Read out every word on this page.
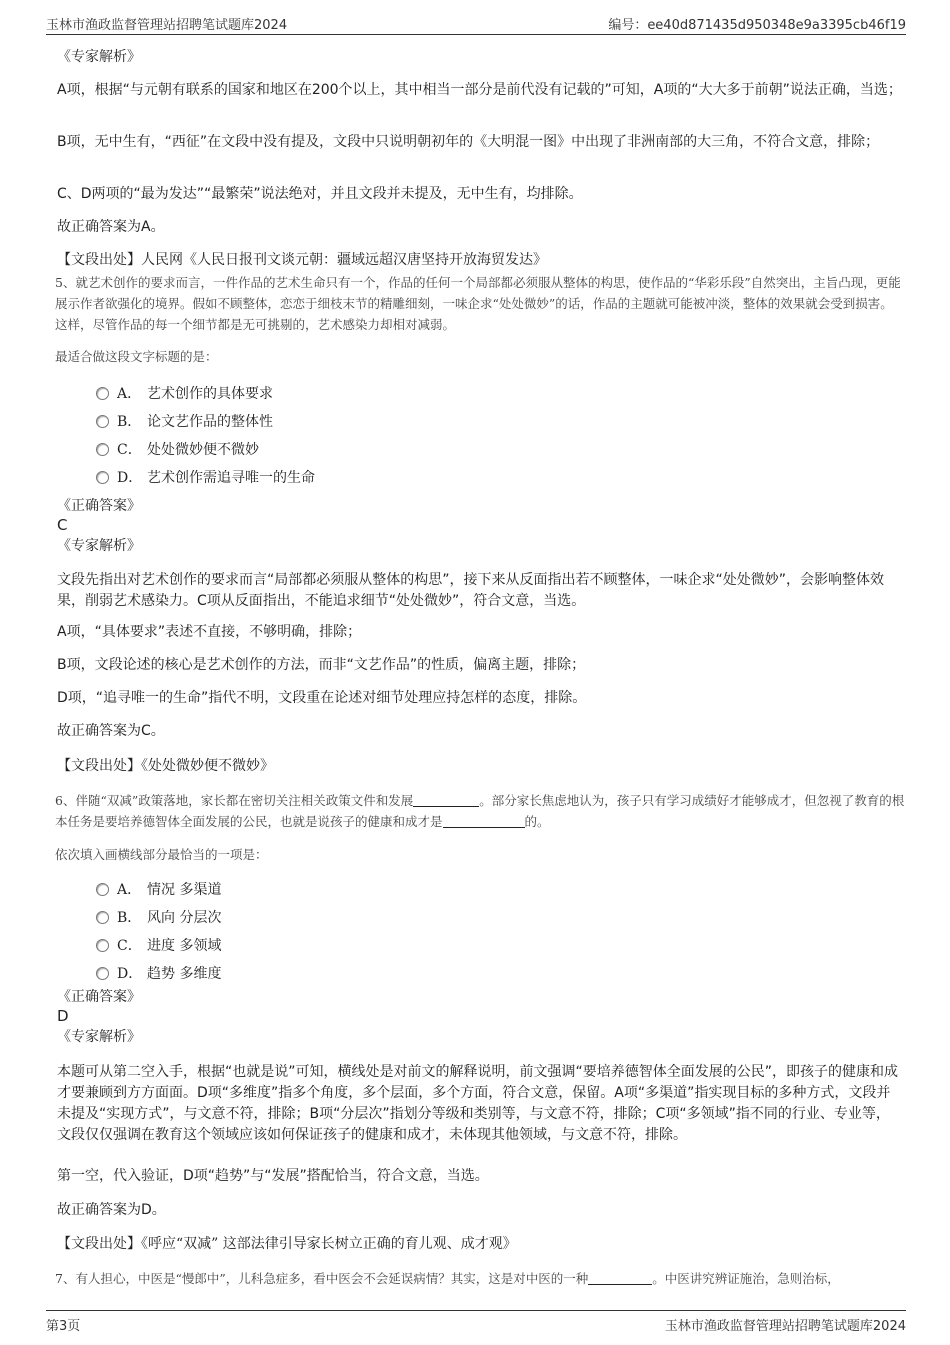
玉林市渔政监督管理站招聘笔试题库2024	编号：ee40d871435d950348e9a3395cb46f19
《专家解析》
A项，根据“与元朝有联系的国家和地区在200个以上，其中相当一部分是前代没有记载的”可知，A项的“大大多于前朝”说法正确，当选；
B项，无中生有，“西征”在文段中没有提及，文段中只说明朝初年的《大明混一图》中出现了非洲南部的大三角，不符合文意，排除；
C、D两项的“最为发达”“最繁荣”说法绝对，并且文段并未提及，无中生有，均排除。
故正确答案为A。
【文段出处】人民网《人民日报刊文谈元朝：疆域远超汉唐坚持开放海贸发达》
5、就艺术创作的要求而言，一件作品的艺术生命只有一个，作品的任何一个局部都必须服从整体的构思，使作品的“华彩乐段”自然突出，主旨凸现，更能展示作者欲强化的境界。假如不顾整体，恋恋于细枝末节的精雕细刻，一味企求“处处微妙”的话，作品的主题就可能被冲淡，整体的效果就会受到损害。这样，尽管作品的每一个细节都是无可挑剔的，艺术感染力却相对减弱。
最适合做这段文字标题的是：
A． 艺术创作的具体要求
B． 论文艺作品的整体性
C． 处处微妙便不微妙
D． 艺术创作需追寻唯一的生命
《正确答案》
C
《专家解析》
文段先指出对艺术创作的要求而言“局部都必须服从整体的构思”，接下来从反面指出若不顾整体，一味企求“处处微妙”，会影响整体效果，削弱艺术感染力。C项从反面指出，不能追求细节“处处微妙”，符合文意，当选。
A项，“具体要求”表述不直接，不够明确，排除；
B项，文段论述的核心是艺术创作的方法，而非“文艺作品”的性质，偏离主题，排除；
D项，“追寻唯一的生命”指代不明，文段重在论述对细节处理应持怎样的态度，排除。
故正确答案为C。
【文段出处】《处处微妙便不微妙》
6、伴随“双减”政策落地，家长都在密切关注相关政策文件和发展	。部分家长焦虑地认为，孩子只有学习成绩好才能够成才，但忽视了教育的根本任务是要培养德智体全面发展的公民，也就是说孩子的健康和成才是	的。
依次填入画横线部分最恰当的一项是：
A． 情况 多渠道
B． 风向 分层次
C． 进度 多领域
D． 趋势 多维度
《正确答案》
D
《专家解析》
本题可从第二空入手，根据“也就是说”可知，横线处是对前文的解释说明，前文强调“要培养德智体全面发展的公民”，即孩子的健康和成才要兼顾到方方面面。D项“多维度”指多个角度，多个层面，多个方面，符合文意，保留。A项“多渠道”指实现目标的多种方式，文段并未提及“实现方式”，与文意不符，排除；B项“分层次”指划分等级和类别等，与文意不符，排除；C项“多领域”指不同的行业、专业等，文段仅仅强调在教育这个领域应该如何保证孩子的健康和成才，未体现其他领域，与文意不符，排除。
第一空，代入验证，D项“趋势”与“发展”搭配恰当，符合文意，当选。
故正确答案为D。
【文段出处】《呼应“双减” 这部法律引导家长树立正确的育儿观、成才观》
7、有人担心，中医是“慢郎中”，儿科急症多，看中医会不会延误病情？其实，这是对中医的一种	。中医讲究辨证施治，急则治标，
第3页	玉林市渔政监督管理站招聘笔试题库2024
